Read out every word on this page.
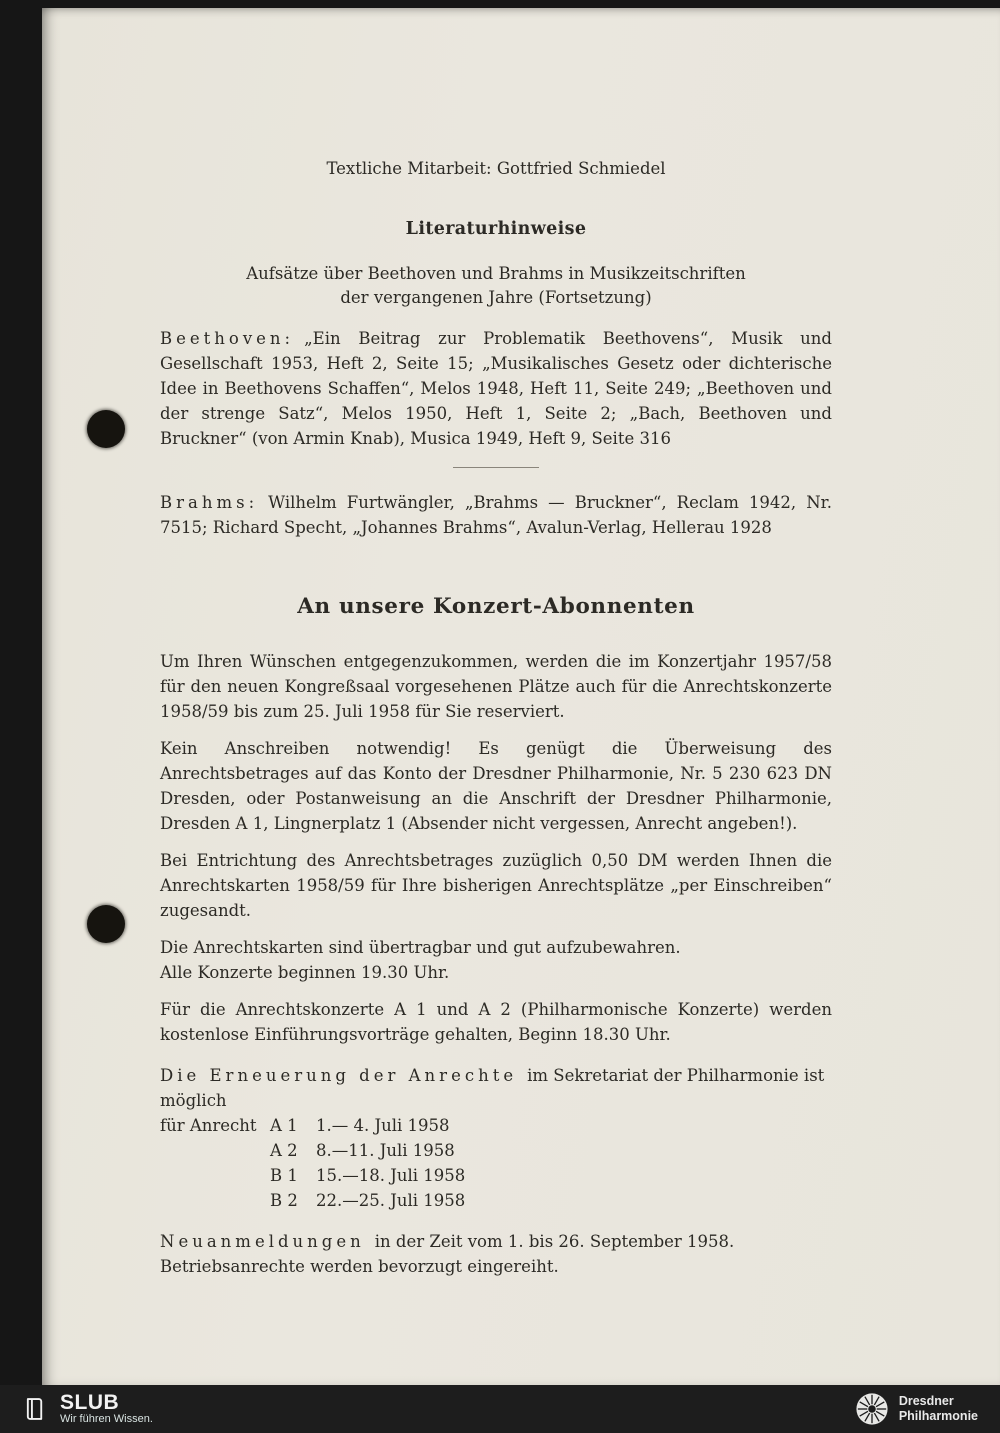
Textliche Mitarbeit: Gottfried Schmiedel

Literaturhinweise
Aufsätze über Beethoven und Brahms in Musikzeitschriften
der vergangenen Jahre (Fortsetzung)

Beethoven: „Ein Beitrag zur Problematik Beethovens“, Musik und Gesellschaft 1953, Heft 2, Seite 15; „Musikalisches Gesetz oder dichterische Idee in Beethovens Schaffen“, Melos 1948, Heft 11, Seite 249; „Beethoven und der strenge Satz“, Melos 1950, Heft 1, Seite 2; „Bach, Beethoven und Bruckner“ (von Armin Knab), Musica 1949, Heft 9, Seite 316

Brahms: Wilhelm Furtwängler, „Brahms — Bruckner“, Reclam 1942, Nr. 7515; Richard Specht, „Johannes Brahms“, Avalun-Verlag, Hellerau 1928

An unsere Konzert-Abonnenten

Um Ihren Wünschen entgegenzukommen, werden die im Konzertjahr 1957/58 für den neuen Kongreßsaal vorgesehenen Plätze auch für die Anrechtskonzerte 1958/59 bis zum 25. Juli 1958 für Sie reserviert.

Kein Anschreiben notwendig! Es genügt die Überweisung des Anrechtsbetrages auf das Konto der Dresdner Philharmonie, Nr. 5 230 623 DN Dresden, oder Postanweisung an die Anschrift der Dresdner Philharmonie, Dresden A 1, Lingnerplatz 1 (Absender nicht vergessen, Anrecht angeben!).

Bei Entrichtung des Anrechtsbetrages zuzüglich 0,50 DM werden Ihnen die Anrechtskarten 1958/59 für Ihre bisherigen Anrechtsplätze „per Einschreiben“ zugesandt.

Die Anrechtskarten sind übertragbar und gut aufzubewahren.

Alle Konzerte beginnen 19.30 Uhr.

Für die Anrechtskonzerte A 1 und A 2 (Philharmonische Konzerte) werden kostenlose Einführungsvorträge gehalten, Beginn 18.30 Uhr.

Die Erneuerung der Anrechte im Sekretariat der Philharmonie ist möglich

für Anrecht A 1	1.— 4. Juli 1958
A 2	8.—11. Juli 1958
B 1	15.—18. Juli 1958
B 2	22.—25. Juli 1958

Neuanmeldungen in der Zeit vom 1. bis 26. September 1958.

Betriebsanrechte werden bevorzugt eingereiht.

SLUB
Wir führen Wissen.
Dresdner
Philharmonie
